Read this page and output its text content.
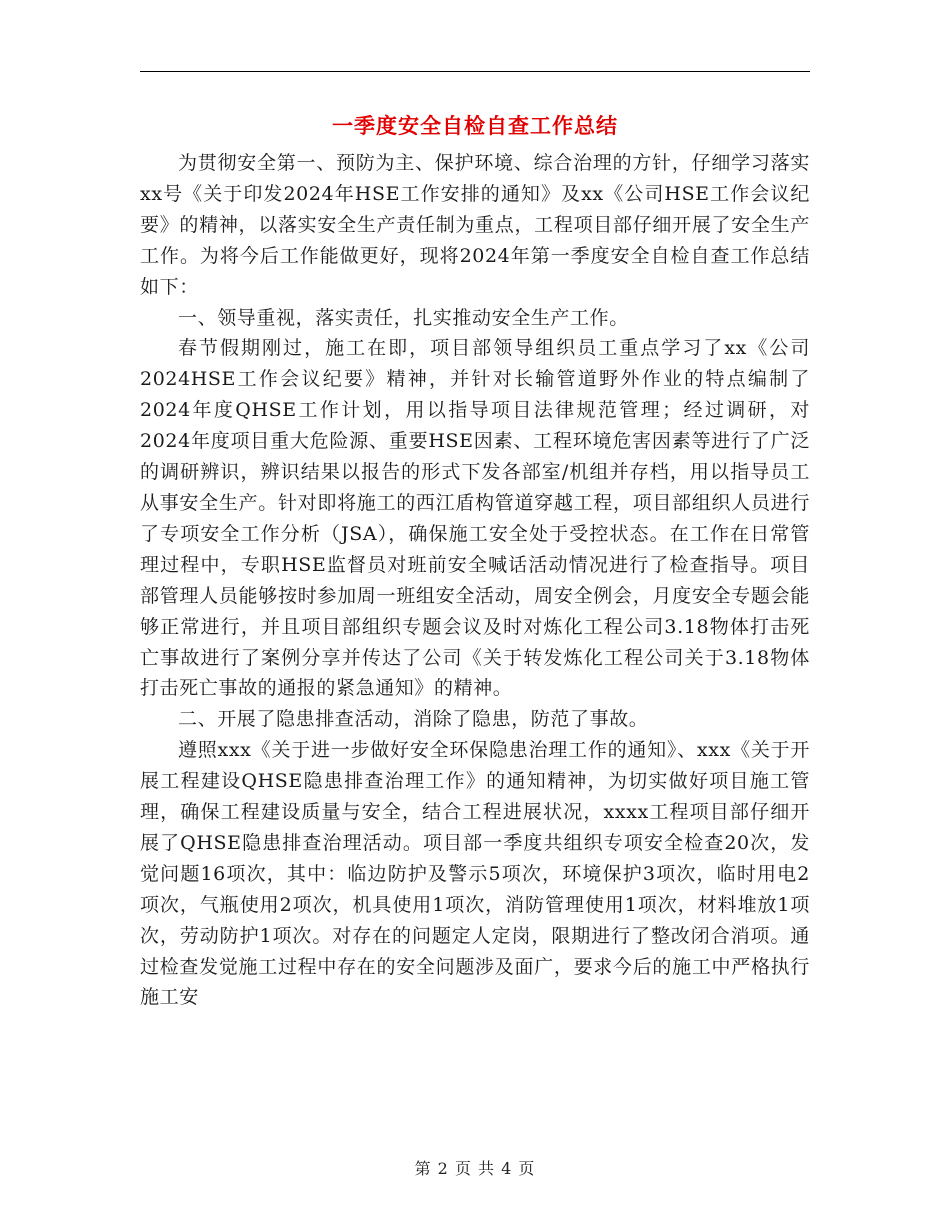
一季度安全自检自查工作总结

为贯彻安全第一、预防为主、保护环境、综合治理的方针，仔细学习落实xx号《关于印发2024年HSE工作安排的通知》及xx《公司HSE工作会议纪要》的精神，以落实安全生产责任制为重点，工程项目部仔细开展了安全生产工作。为将今后工作能做更好，现将2024年第一季度安全自检自查工作总结如下：

一、领导重视，落实责任，扎实推动安全生产工作。

春节假期刚过，施工在即，项目部领导组织员工重点学习了xx《公司2024HSE工作会议纪要》精神，并针对长输管道野外作业的特点编制了2024年度QHSE工作计划，用以指导项目法律规范管理；经过调研，对2024年度项目重大危险源、重要HSE因素、工程环境危害因素等进行了广泛的调研辨识，辨识结果以报告的形式下发各部室/机组并存档，用以指导员工从事安全生产。针对即将施工的西江盾构管道穿越工程，项目部组织人员进行了专项安全工作分析（JSA），确保施工安全处于受控状态。在工作在日常管理过程中，专职HSE监督员对班前安全喊话活动情况进行了检查指导。项目部管理人员能够按时参加周一班组安全活动，周安全例会，月度安全专题会能够正常进行，并且项目部组织专题会议及时对炼化工程公司3.18物体打击死亡事故进行了案例分享并传达了公司《关于转发炼化工程公司关于3.18物体打击死亡事故的通报的紧急通知》的精神。

二、开展了隐患排查活动，消除了隐患，防范了事故。

遵照xxx《关于进一步做好安全环保隐患治理工作的通知》、xxx《关于开展工程建设QHSE隐患排查治理工作》的通知精神，为切实做好项目施工管理，确保工程建设质量与安全，结合工程进展状况，xxxx工程项目部仔细开展了QHSE隐患排查治理活动。项目部一季度共组织专项安全检查20次，发觉问题16项次，其中：临边防护及警示5项次，环境保护3项次，临时用电2项次，气瓶使用2项次，机具使用1项次，消防管理使用1项次，材料堆放1项次，劳动防护1项次。对存在的问题定人定岗，限期进行了整改闭合消项。通过检查发觉施工过程中存在的安全问题涉及面广，要求今后的施工中严格执行施工安

第 2 页 共 4 页
